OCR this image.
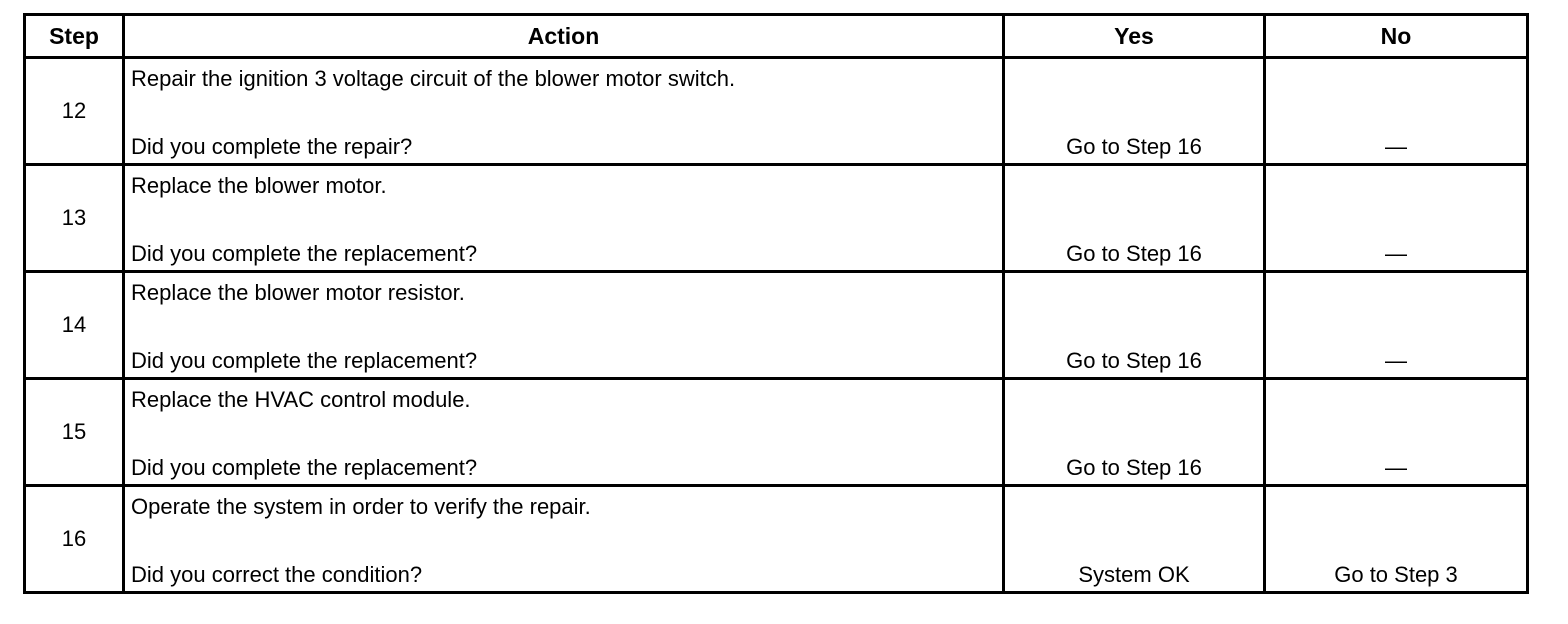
Step	Action	Yes	No
12	Repair the ignition 3 voltage circuit of the blower motor switch.
Did you complete the repair?	Go to Step 16	—

13	Replace the blower motor.
Did you complete the replacement?	Go to Step 16	—

14	Replace the blower motor resistor.
Did you complete the replacement?	Go to Step 16	—

15	Replace the HVAC control module.
Did you complete the replacement?	Go to Step 16	—

16	Operate the system in order to verify the repair.
Did you correct the condition?	System OK	Go to Step 3
